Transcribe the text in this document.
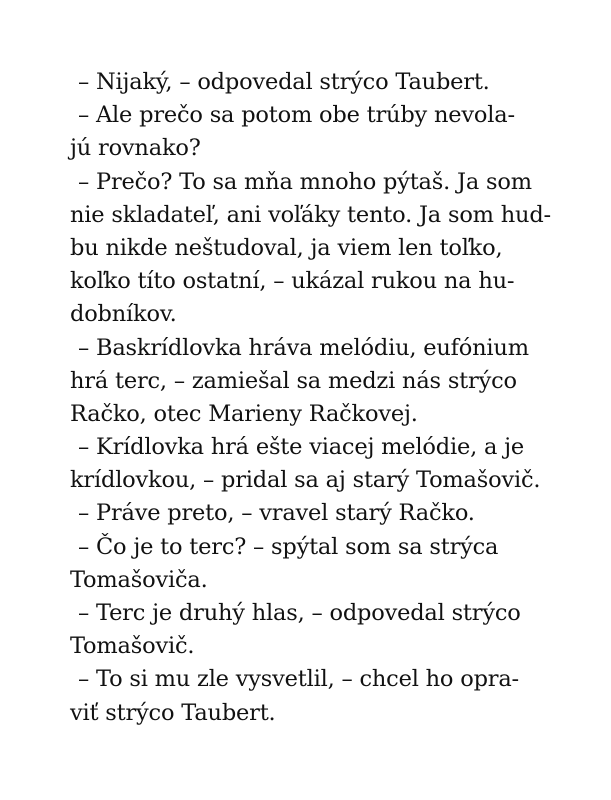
– Nijaký, – odpovedal strýco Taubert.
– Ale prečo sa potom obe trúby nevola-
jú rovnako?
– Prečo? To sa mňa mnoho pýtaš. Ja som
nie skladateľ, ani voľáky tento. Ja som hud-
bu nikde neštudoval, ja viem len toľko,
koľko títo ostatní, – ukázal rukou na hu-
dobníkov.
– Baskrídlovka hráva melódiu, eufónium
hrá terc, – zamiešal sa medzi nás strýco
Račko, otec Marieny Račkovej.
– Krídlovka hrá ešte viacej melódie, a je
krídlovkou, – pridal sa aj starý Tomašovič.
– Práve preto, – vravel starý Račko.
– Čo je to terc? – spýtal som sa strýca
Tomašoviča.
– Terc je druhý hlas, – odpovedal strýco
Tomašovič.
– To si mu zle vysvetlil, – chcel ho opra-
viť strýco Taubert.
